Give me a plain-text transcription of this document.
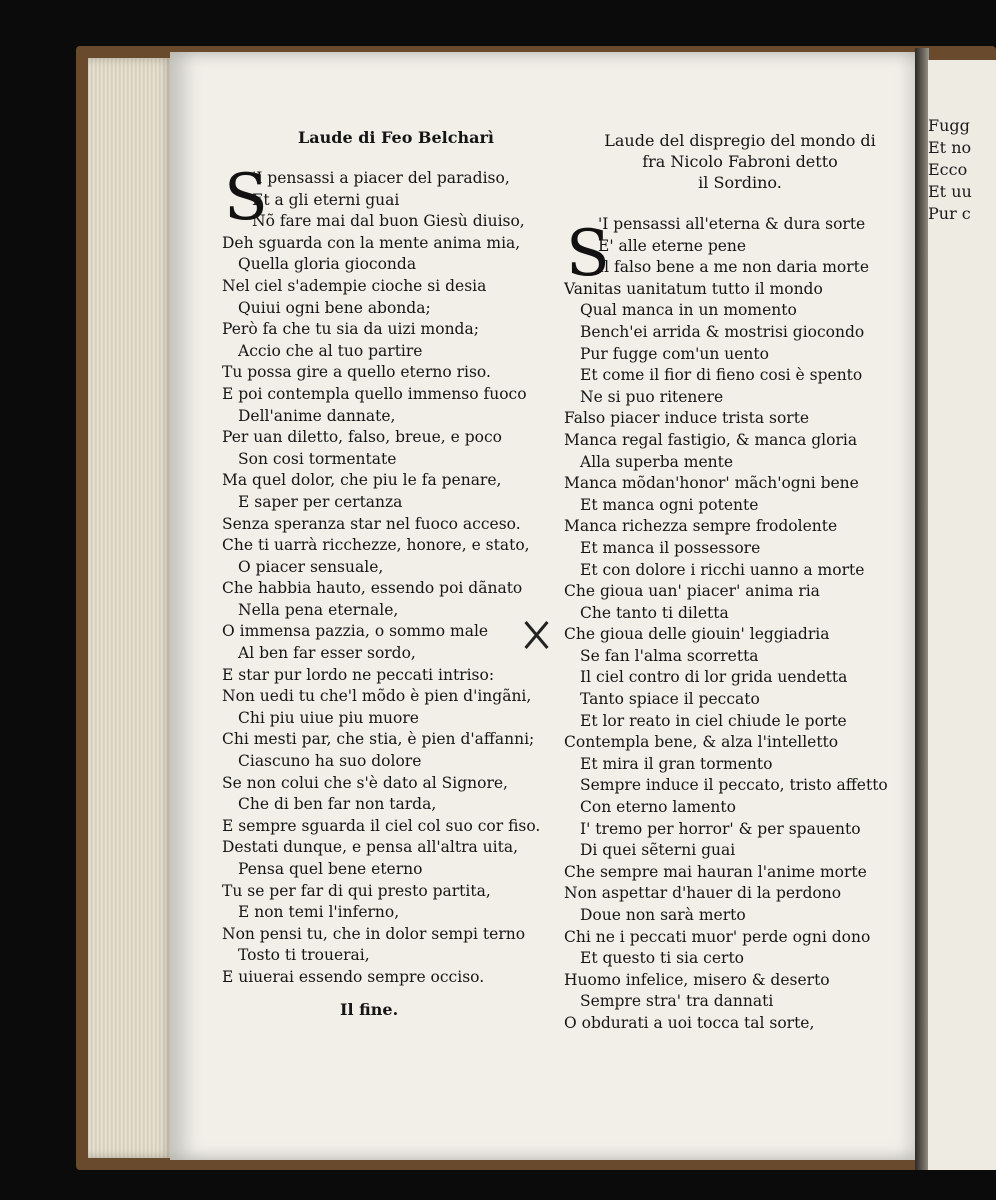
Fugg
Et no
Ecco
Et uu
Pur c
Laude di Feo Belcharì
S
'I pensassi a piacer del paradiso,
Et a gli eterni guai
Nõ fare mai dal buon Giesù diuiso,
Deh sguarda con la mente anima mia,
Quella gloria gioconda
Nel ciel s'adempie cioche si desia
Quiui ogni bene abonda;
Però fa che tu sia da uizi monda;
Accio che al tuo partire
Tu possa gire a quello eterno riso.
E poi contempla quello immenso fuoco
Dell'anime dannate,
Per uan diletto, falso, breue, e poco
Son cosi tormentate
Ma quel dolor, che piu le fa penare,
E saper per certanza
Senza speranza star nel fuoco acceso.
Che ti uarrà ricchezze, honore, e stato,
O piacer sensuale,
Che habbia hauto, essendo poi dãnato
Nella pena eternale,
O immensa pazzia, o sommo male
Al ben far esser sordo,
E star pur lordo ne peccati intriso:
Non uedi tu che'l mõdo è pien d'ingãni,
Chi piu uiue piu muore
Chi mesti par, che stia, è pien d'affanni;
Ciascuno ha suo dolore
Se non colui che s'è dato al Signore,
Che di ben far non tarda,
E sempre sguarda il ciel col suo cor fiso.
Destati dunque, e pensa all'altra uita,
Pensa quel bene eterno
Tu se per far di qui presto partita,
E non temi l'inferno,
Non pensi tu, che in dolor sempi terno
Tosto ti trouerai,
E uiuerai essendo sempre occiso.
Il fine.
Laude del dispregio del mondo di
fra Nicolo Fabroni detto
il Sordino.
S
'I pensassi all'eterna & dura sorte
E' alle eterne pene
Il falso bene a me non daria morte
Vanitas uanitatum tutto il mondo
Qual manca in un momento
Bench'ei arrida & mostrisi giocondo
Pur fugge com'un uento
Et come il fior di fieno cosi è spento
Ne si puo ritenere
Falso piacer induce trista sorte
Manca regal fastigio, & manca gloria
Alla superba mente
Manca mõdan'honor' mãch'ogni bene
Et manca ogni potente
Manca richezza sempre frodolente
Et manca il possessore
Et con dolore i ricchi uanno a morte
Che gioua uan' piacer' anima ria
Che tanto ti diletta
Che gioua delle giouin' leggiadria
Se fan l'alma scorretta
Il ciel contro di lor grida uendetta
Tanto spiace il peccato
Et lor reato in ciel chiude le porte
Contempla bene, & alza l'intelletto
Et mira il gran tormento
Sempre induce il peccato, tristo affetto
Con eterno lamento
I' tremo per horror' & per spauento
Di quei sẽterni guai
Che sempre mai hauran l'anime morte
Non aspettar d'hauer di la perdono
Doue non sarà merto
Chi ne i peccati muor' perde ogni dono
Et questo ti sia certo
Huomo infelice, misero & deserto
Sempre stra' tra dannati
O obdurati a uoi tocca tal sorte,
